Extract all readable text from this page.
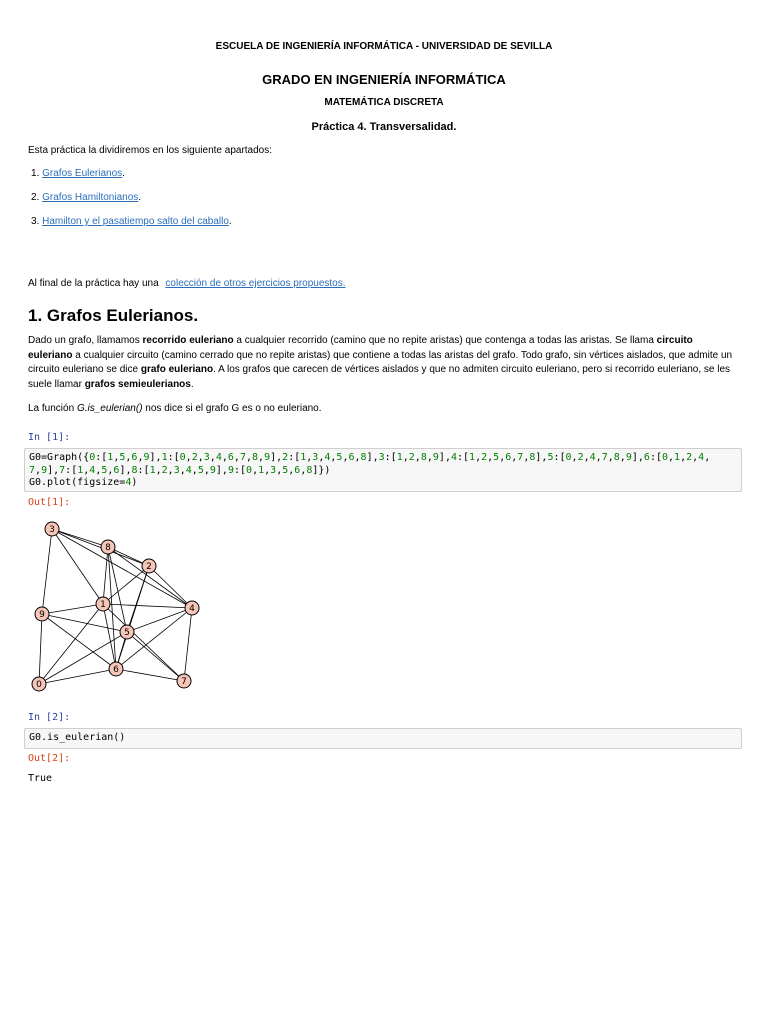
ESCUELA DE INGENIERÍA INFORMÁTICA - UNIVERSIDAD DE SEVILLA
GRADO EN INGENIERÍA INFORMÁTICA
MATEMÁTICA DISCRETA
Práctica 4. Transversalidad.
Esta práctica la dividiremos en los siguiente apartados:
1. Grafos Eulerianos.
2. Grafos Hamiltonianos.
3. Hamilton y el pasatiempo salto del caballo.
Al final de la práctica hay una colección de otros ejercicios propuestos.
1. Grafos Eulerianos.

Dado un grafo, llamamos recorrido euleriano a cualquier recorrido (camino que no repite aristas) que contenga a todas las aristas. Se llama circuito euleriano a cualquier circuito (camino cerrado que no repite aristas) que contiene a todas las aristas del grafo. Todo grafo, sin vértices aislados, que admite un circuito euleriano se dice grafo euleriano. A los grafos que carecen de vértices aislados y que no admiten circuito euleriano, pero si recorrido euleriano, se les suele llamar grafos semieulerianos.

La función G.is_eulerian() nos dice si el grafo G es o no euleriano.
In [1]:
G0=Graph({0:[1,5,6,9],1:[0,2,3,4,6,7,8,9],2:[1,3,4,5,6,8],3:[1,2,8,9],4:[1,2,5,6,7,8],5:[0,2,4,7,8,9],6:[0,1,2,4,
7,9],7:[1,4,5,6],8:[1,2,3,4,5,9],9:[0,1,3,5,6,8]})
G0.plot(figsize=4)
Out[1]:
0
1
2
3
4
5
6
7
8
9
In [2]:
G0.is_eulerian()
Out[2]:
True
